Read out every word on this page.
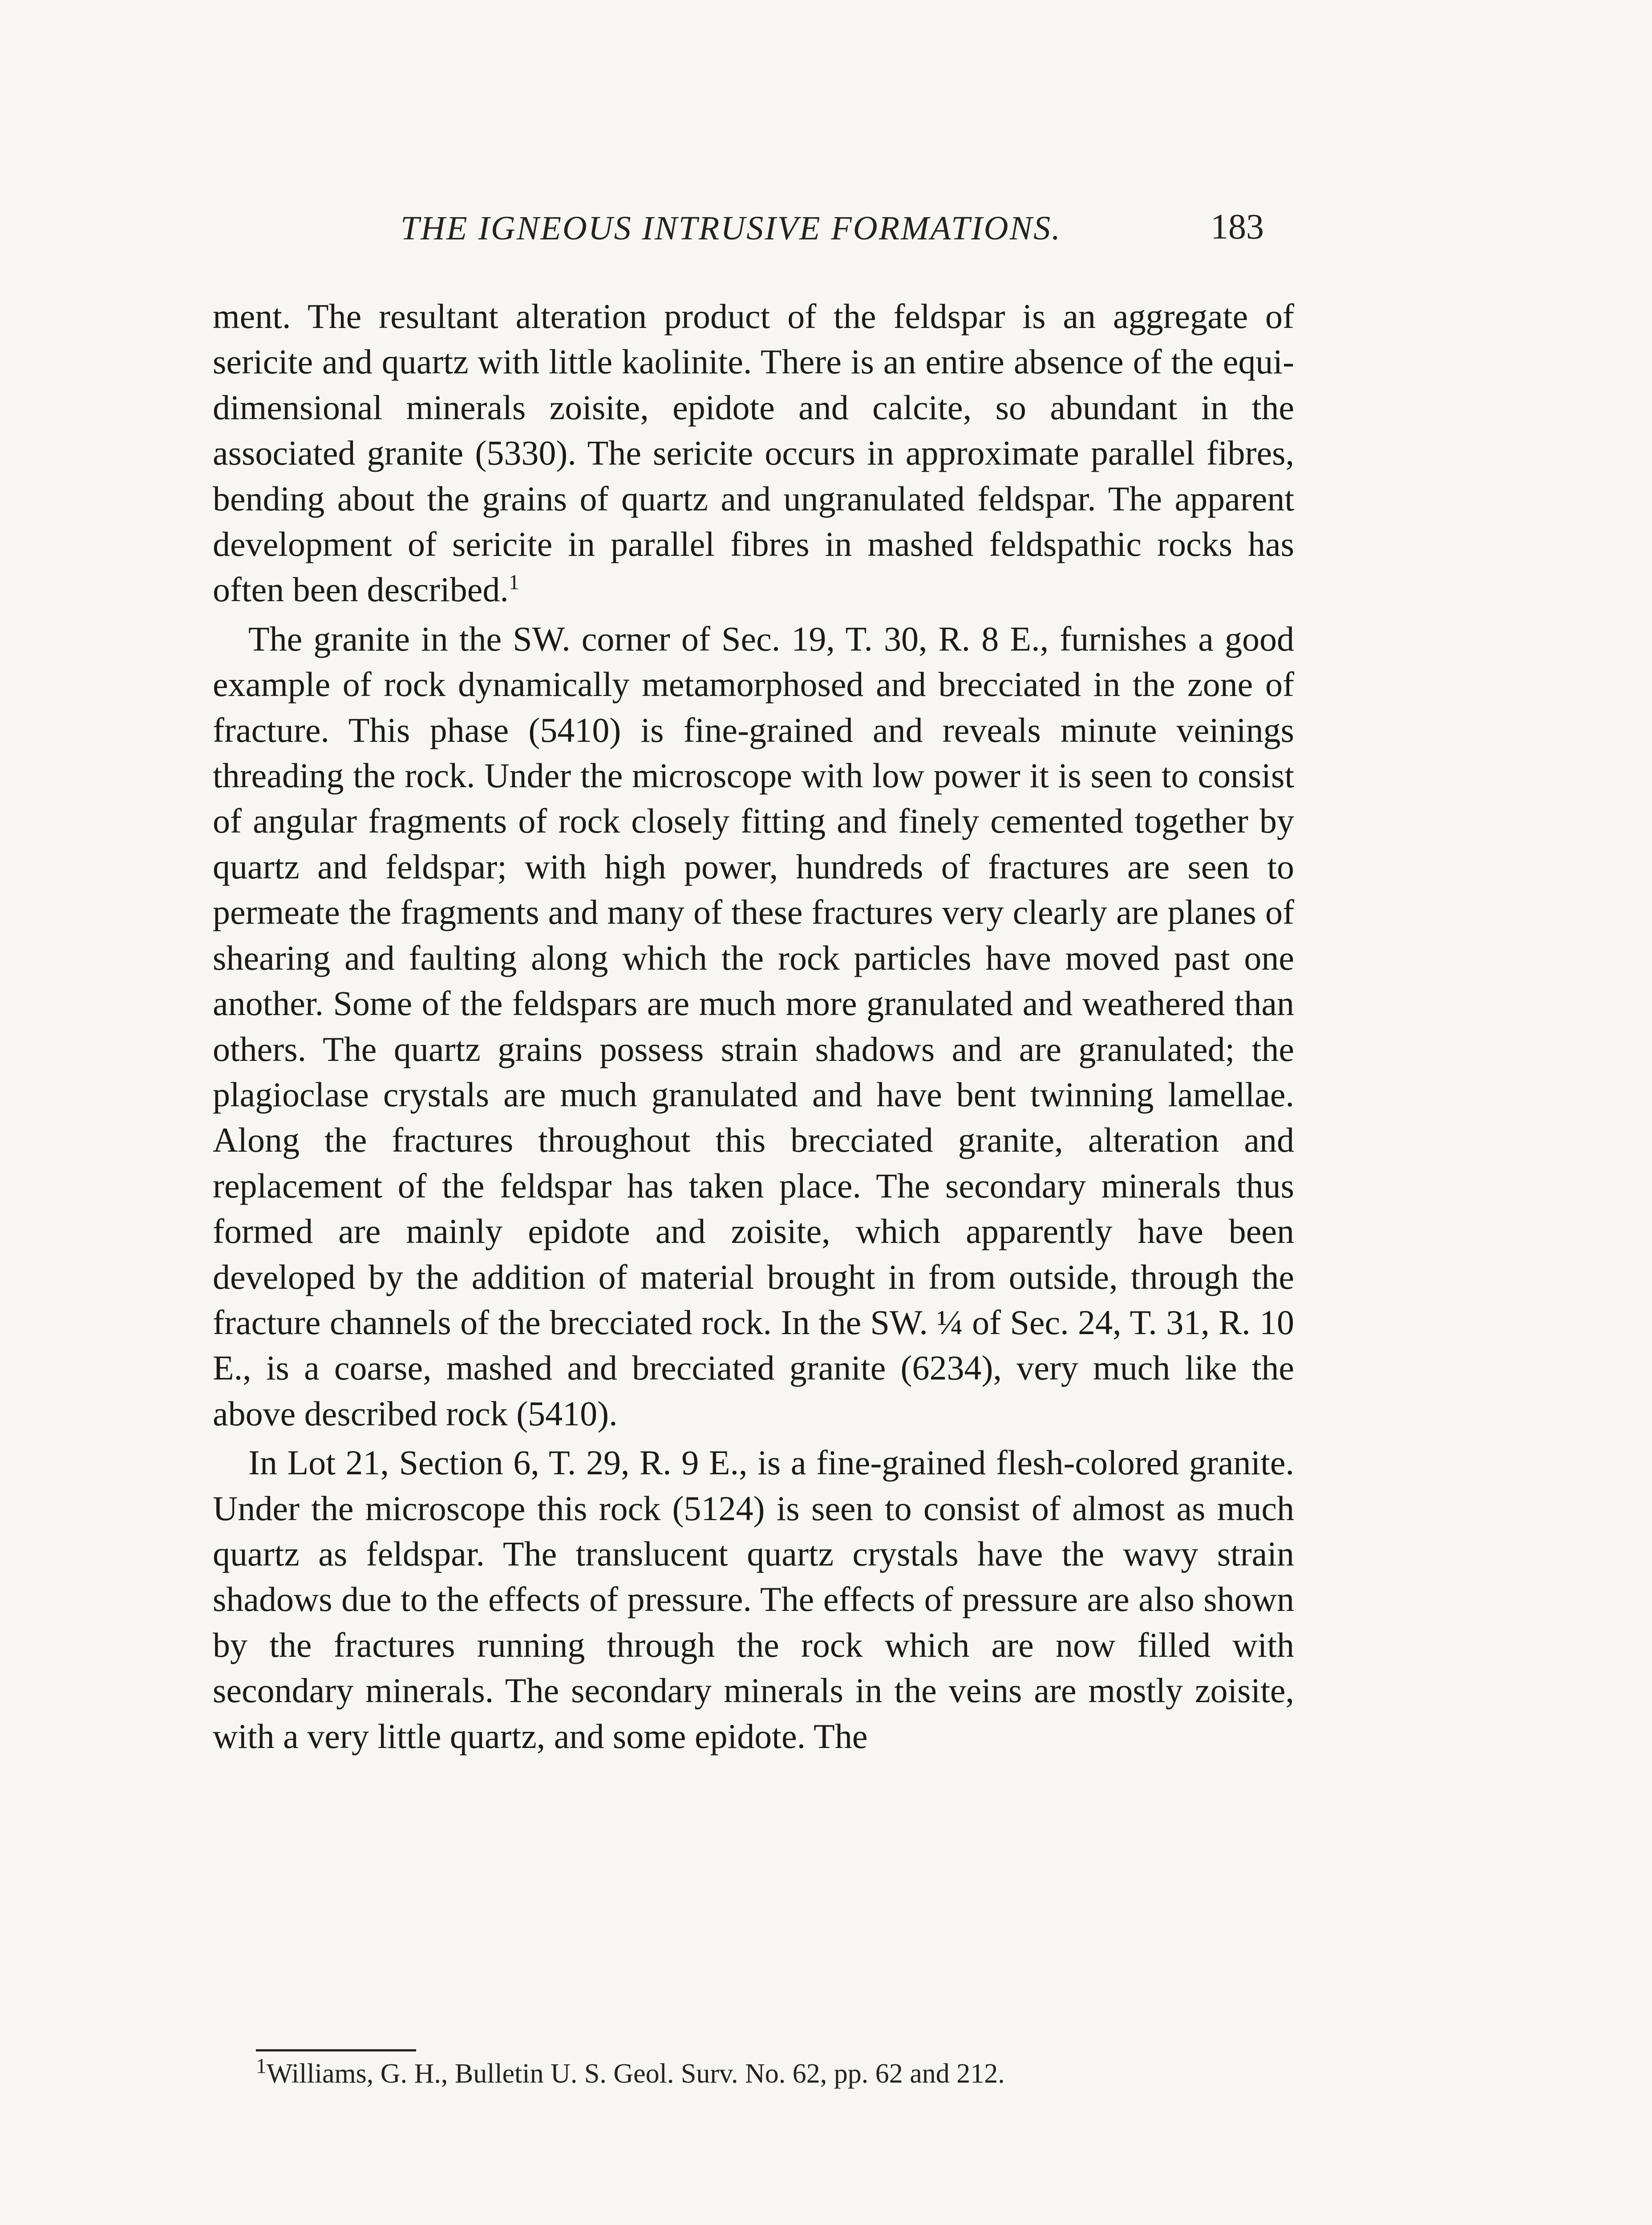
THE IGNEOUS INTRUSIVE FORMATIONS.	183

ment. The resultant alteration product of the feldspar is an aggregate of sericite and quartz with little kaolinite. There is an entire absence of the equi-dimensional minerals zoisite, epidote and calcite, so abundant in the associated granite (5330). The sericite occurs in approximate parallel fibres, bending about the grains of quartz and ungranulated feldspar. The apparent development of sericite in parallel fibres in mashed feldspathic rocks has often been described.$^1$

The granite in the SW. corner of Sec. 19, T. 30, R. 8 E., furnishes a good example of rock dynamically metamorphosed and brecciated in the zone of fracture. This phase (5410) is fine-grained and reveals minute veinings threading the rock. Under the microscope with low power it is seen to consist of angular fragments of rock closely fitting and finely cemented together by quartz and feldspar; with high power, hundreds of fractures are seen to permeate the fragments and many of these fractures very clearly are planes of shearing and faulting along which the rock particles have moved past one another. Some of the feldspars are much more granulated and weathered than others. The quartz grains possess strain shadows and are granulated; the plagioclase crystals are much granulated and have bent twinning lamellae. Along the fractures throughout this brecciated granite, alteration and replacement of the feldspar has taken place. The secondary minerals thus formed are mainly epidote and zoisite, which apparently have been developed by the addition of material brought in from outside, through the fracture channels of the brecciated rock. In the SW. ¼ of Sec. 24, T. 31, R. 10 E., is a coarse, mashed and brecciated granite (6234), very much like the above described rock (5410).

In Lot 21, Section 6, T. 29, R. 9 E., is a fine-grained flesh-colored granite. Under the microscope this rock (5124) is seen to consist of almost as much quartz as feldspar. The translucent quartz crystals have the wavy strain shadows due to the effects of pressure. The effects of pressure are also shown by the fractures running through the rock which are now filled with secondary minerals. The secondary minerals in the veins are mostly zoisite, with a very little quartz, and some epidote. The

$^1$Williams, G. H., Bulletin U. S. Geol. Surv. No. 62, pp. 62 and 212.
